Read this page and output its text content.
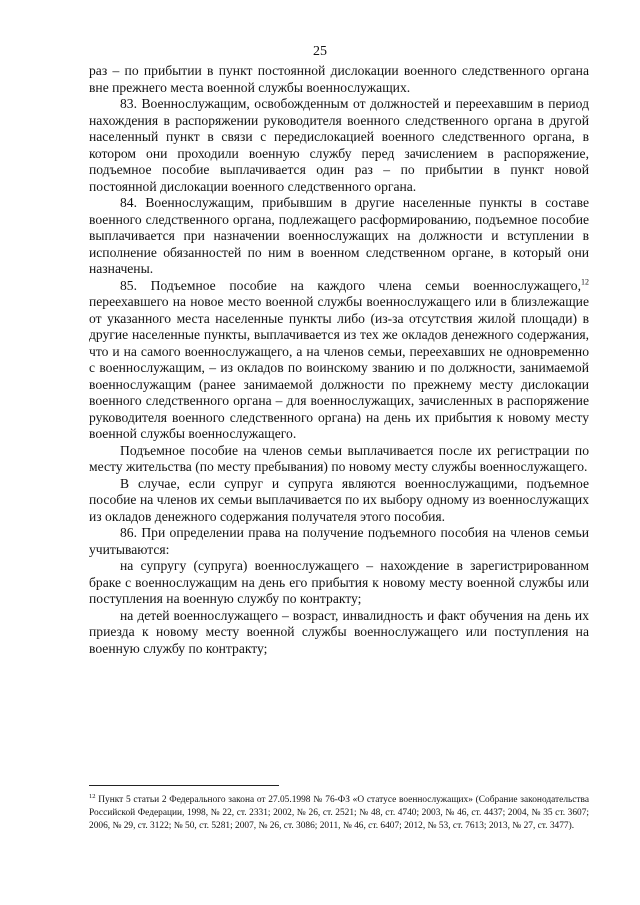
25

раз – по прибытии в пункт постоянной дислокации военного следственного органа вне прежнего места военной службы военнослужащих.

83. Военнослужащим, освобожденным от должностей и переехавшим в период нахождения в распоряжении руководителя военного следственного органа в другой населенный пункт в связи с передислокацией военного следственного органа, в котором они проходили военную службу перед зачислением в распоряжение, подъемное пособие выплачивается один раз – по прибытии в пункт новой постоянной дислокации военного следственного органа.

84. Военнослужащим, прибывшим в другие населенные пункты в составе военного следственного органа, подлежащего расформированию, подъемное пособие выплачивается при назначении военнослужащих на должности и вступлении в исполнение обязанностей по ним в военном следственном органе, в который они назначены.

85. Подъемное пособие на каждого члена семьи военнослужащего,$^{12}$ переехавшего на новое место военной службы военнослужащего или в близлежащие от указанного места населенные пункты либо (из-за отсутствия жилой площади) в другие населенные пункты, выплачивается из тех же окладов денежного содержания, что и на самого военнослужащего, а на членов семьи, переехавших не одновременно с военнослужащим, – из окладов по воинскому званию и по должности, занимаемой военнослужащим (ранее занимаемой должности по прежнему месту дислокации военного следственного органа – для военнослужащих, зачисленных в распоряжение руководителя военного следственного органа) на день их прибытия к новому месту военной службы военнослужащего.

Подъемное пособие на членов семьи выплачивается после их регистрации по месту жительства (по месту пребывания) по новому месту службы военнослужащего.

В случае, если супруг и супруга являются военнослужащими, подъемное пособие на членов их семьи выплачивается по их выбору одному из военнослужащих из окладов денежного содержания получателя этого пособия.

86. При определении права на получение подъемного пособия на членов семьи учитываются:

на супругу (супруга) военнослужащего – нахождение в зарегистрированном браке с военнослужащим на день его прибытия к новому месту военной службы или поступления на военную службу по контракту;

на детей военнослужащего – возраст, инвалидность и факт обучения на день их приезда к новому месту военной службы военнослужащего или поступления на военную службу по контракту;

$^{12}$ Пункт 5 статьи 2 Федерального закона от 27.05.1998 № 76-ФЗ «О статусе военнослужащих» (Собрание законодательства Российской Федерации, 1998, № 22, ст. 2331; 2002, № 26, ст. 2521; № 48, ст. 4740; 2003, № 46, ст. 4437; 2004, № 35 ст. 3607; 2006, № 29, ст. 3122; № 50, ст. 5281; 2007, № 26, ст. 3086; 2011, № 46, ст. 6407; 2012, № 53, ст. 7613; 2013, № 27, ст. 3477).
